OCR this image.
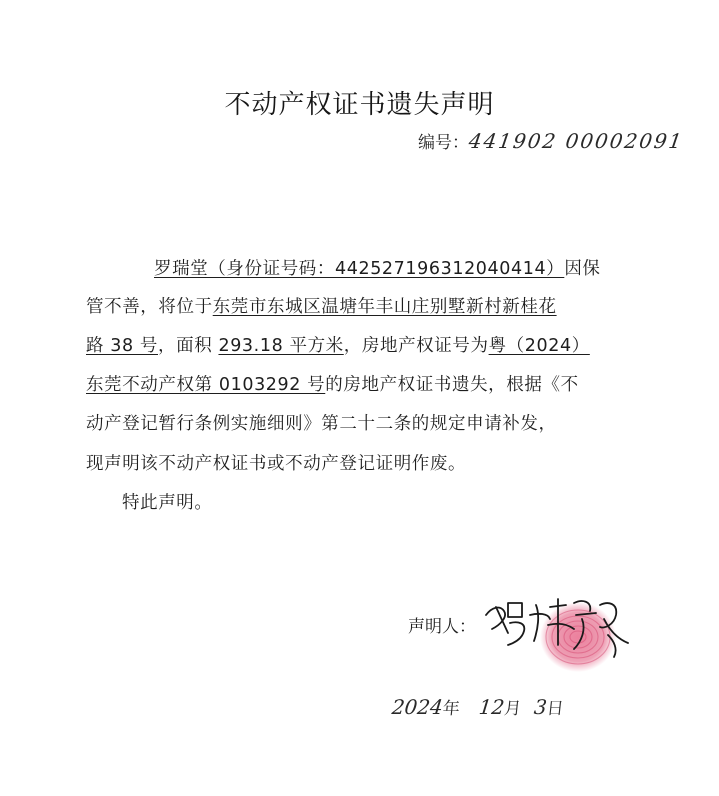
不动产权证书遗失声明
编号：441902 00002091
罗瑞堂（身份证号码：442527196312040414）因保
管不善，将位于东莞市东城区温塘年丰山庄别墅新村新桂花
路 38 号，面积 293.18 平方米，房地产权证号为粤（2024）
东莞不动产权第 0103292 号的房地产权证书遗失，根据《不
动产登记暂行条例实施细则》第二十二条的规定申请补发，
现声明该不动产权证书或不动产登记证明作废。
特此声明。
声明人：
2024年 12月 3日
